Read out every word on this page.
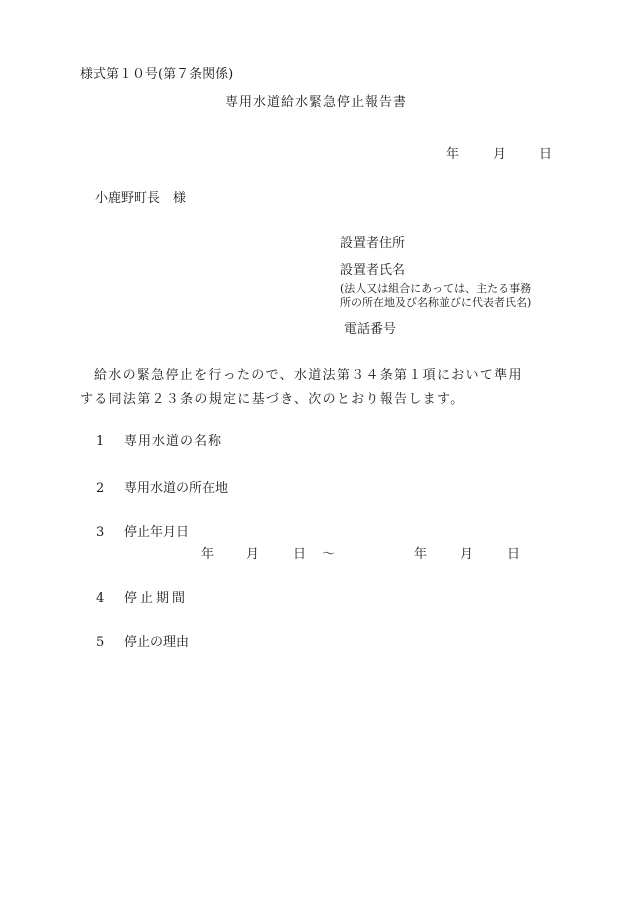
様式第１０号(第７条関係)
専用水道給水緊急停止報告書
年	月	日
小鹿野町長　様
設置者住所
設置者氏名
(法人又は組合にあっては、主たる事務
所の所在地及び名称並びに代表者氏名)
電話番号
給水の緊急停止を行ったので、水道法第３４条第１項において準用
する同法第２３条の規定に基づき、次のとおり報告します。
1 専用水道の名称
2 専用水道の所在地
3 停止年月日
年 月	日 ～	年	月	日
4 停止期間
5 停止の理由
